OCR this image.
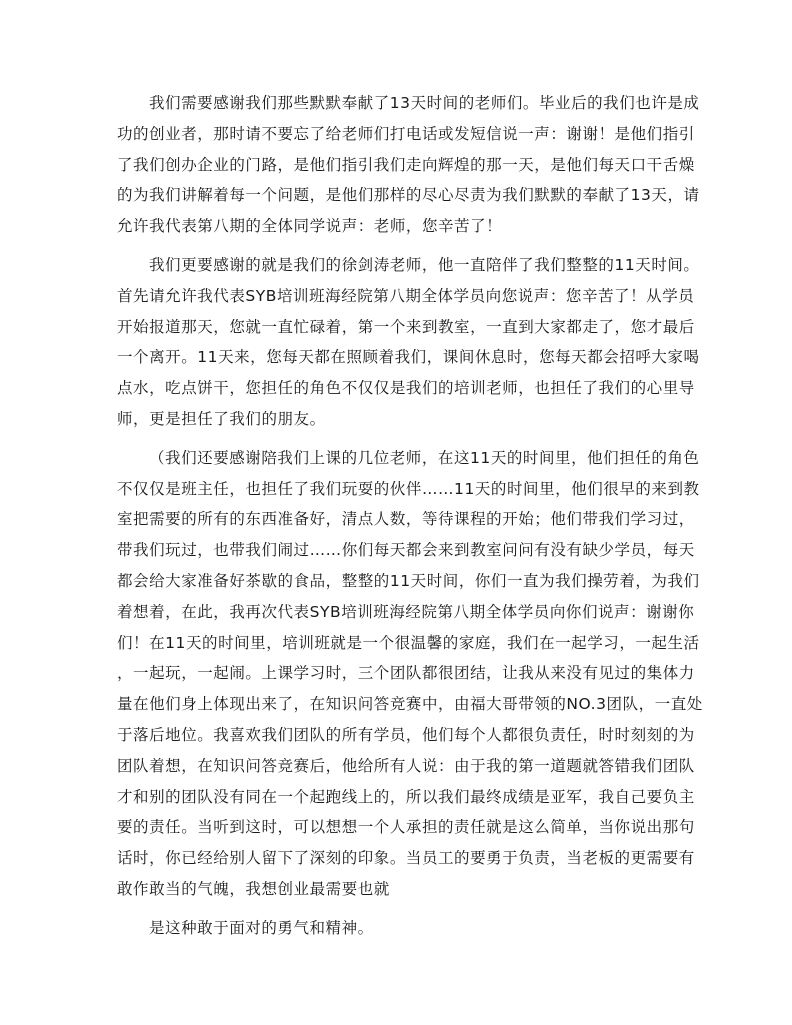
我们需要感谢我们那些默默奉献了13天时间的老师们。毕业后的我们也许是成
功的创业者，那时请不要忘了给老师们打电话或发短信说一声：谢谢！是他们指引
了我们创办企业的门路，是他们指引我们走向辉煌的那一天，是他们每天口干舌燥
的为我们讲解着每一个问题，是他们那样的尽心尽责为我们默默的奉献了13天，请
允许我代表第八期的全体同学说声：老师，您辛苦了！
我们更要感谢的就是我们的徐剑涛老师，他一直陪伴了我们整整的11天时间。
首先请允许我代表SYB培训班海经院第八期全体学员向您说声：您辛苦了！从学员
开始报道那天，您就一直忙碌着，第一个来到教室，一直到大家都走了，您才最后
一个离开。11天来，您每天都在照顾着我们，课间休息时，您每天都会招呼大家喝
点水，吃点饼干，您担任的角色不仅仅是我们的培训老师，也担任了我们的心里导
师，更是担任了我们的朋友。
（我们还要感谢陪我们上课的几位老师，在这11天的时间里，他们担任的角色
不仅仅是班主任，也担任了我们玩耍的伙伴……11天的时间里，他们很早的来到教
室把需要的所有的东西准备好，清点人数，等待课程的开始；他们带我们学习过，
带我们玩过，也带我们闹过……你们每天都会来到教室问问有没有缺少学员，每天
都会给大家准备好茶歇的食品，整整的11天时间，你们一直为我们操劳着，为我们
着想着，在此，我再次代表SYB培训班海经院第八期全体学员向你们说声：谢谢你
们！在11天的时间里，培训班就是一个很温馨的家庭，我们在一起学习，一起生活
，一起玩，一起闹。上课学习时，三个团队都很团结，让我从来没有见过的集体力
量在他们身上体现出来了，在知识问答竞赛中，由福大哥带领的NO.3团队，一直处
于落后地位。我喜欢我们团队的所有学员，他们每个人都很负责任，时时刻刻的为
团队着想，在知识问答竞赛后，他给所有人说：由于我的第一道题就答错我们团队
才和别的团队没有同在一个起跑线上的，所以我们最终成绩是亚军，我自己要负主
要的责任。当听到这时，可以想想一个人承担的责任就是这么简单，当你说出那句
话时，你已经给别人留下了深刻的印象。当员工的要勇于负责，当老板的更需要有
敢作敢当的气魄，我想创业最需要也就
是这种敢于面对的勇气和精神。
